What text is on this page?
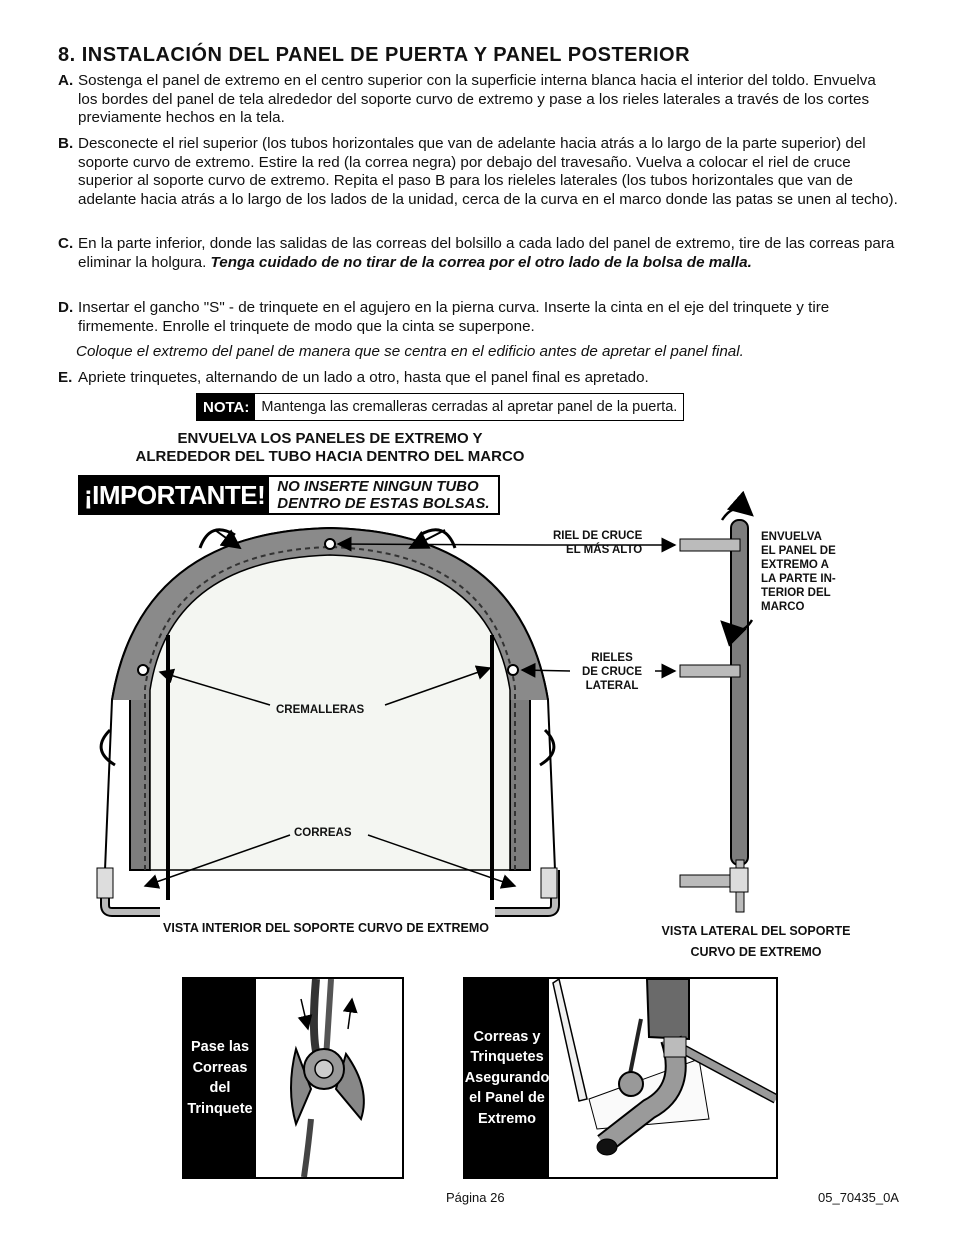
8. INSTALACIÓN DEL PANEL DE PUERTA Y PANEL POSTERIOR
A. Sostenga el panel de extremo en el centro superior con la superficie interna blanca hacia el interior del toldo. Envuelva los bordes del panel de tela alrededor del soporte curvo de extremo y pase a los rieles laterales a través de los cortes previamente hechos en la tela.
B. Desconecte el riel superior (los tubos horizontales que van de adelante hacia atrás a lo largo de la parte superior) del soporte curvo de extremo. Estire la red (la correa negra) por debajo del travesaño. Vuelva a colocar el riel de cruce superior al soporte curvo de extremo. Repita el paso B para los rieleles laterales (los tubos horizontales que van de adelante hacia atrás a lo largo de los lados de la unidad, cerca de la curva en el marco donde las patas se unen al techo).
C. En la parte inferior, donde las salidas de las correas del bolsillo a cada lado del panel de extremo, tire de las correas para eliminar la holgura. Tenga cuidado de no tirar de la correa por el otro lado de la bolsa de malla.
D. Insertar el gancho "S" - de trinquete en el agujero en la pierna curva. Inserte la cinta en el eje del trinquete y tire firmemente. Enrolle el trinquete de modo que la cinta se superpone.
Coloque el extremo del panel de manera que se centra en el edificio antes de apretar el panel final.
E. Apriete trinquetes, alternando de un lado a otro, hasta que el panel final es apretado.
NOTA: Mantenga las cremalleras cerradas al apretar panel de la puerta.
ENVUELVA LOS PANELES DE EXTREMO Y
ALREDEDOR DEL TUBO HACIA DENTRO DEL MARCO
¡IMPORTANTE! NO INSERTE NINGUN TUBO
DENTRO DE ESTAS BOLSAS.
RIEL DE CRUCE
EL MÁS ALTO
RIELES
DE CRUCE
LATERAL
ENVUELVA
EL PANEL DE
EXTREMO A
LA PARTE IN-
TERIOR DEL
MARCO
CREMALLERAS
CORREAS
VISTA INTERIOR DEL SOPORTE CURVO DE EXTREMO	VISTA LATERAL DEL SOPORTE
CURVO DE EXTREMO
Pase las
Correas
del
Trinquete
Correas y
Trinquetes
Asegurando
el Panel de
Extremo
Página 26	05_70435_0A
